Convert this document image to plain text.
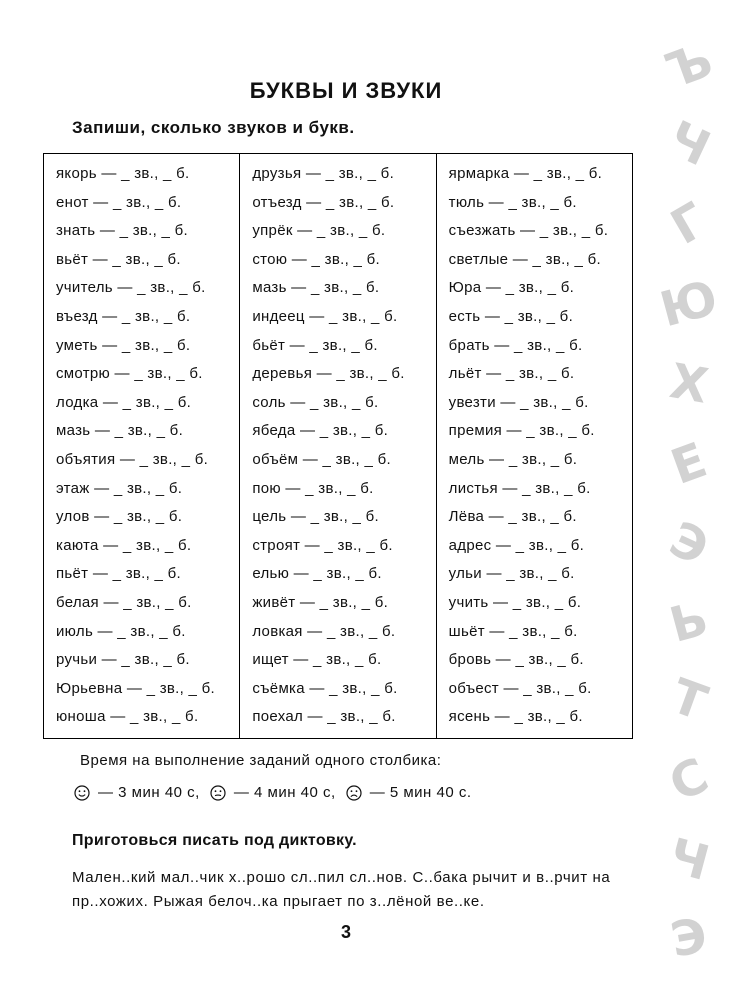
БУКВЫ И ЗВУКИ
Запиши, сколько звуков и букв.
якорь — _ зв., _ б.
енот — _ зв., _ б.
знать — _ зв., _ б.
вьёт — _ зв., _ б.
учитель — _ зв., _ б.
въезд — _ зв., _ б.
уметь — _ зв., _ б.
смотрю — _ зв., _ б.
лодка — _ зв., _ б.
мазь — _ зв., _ б.
объятия — _ зв., _ б.
этаж — _ зв., _ б.
улов — _ зв., _ б.
каюта — _ зв., _ б.
пьёт — _ зв., _ б.
белая — _ зв., _ б.
июль — _ зв., _ б.
ручьи — _ зв., _ б.
Юрьевна — _ зв., _ б.
юноша — _ зв., _ б.
друзья — _ зв., _ б.
отъезд — _ зв., _ б.
упрёк — _ зв., _ б.
стою — _ зв., _ б.
мазь — _ зв., _ б.
индеец — _ зв., _ б.
бьёт — _ зв., _ б.
деревья — _ зв., _ б.
соль — _ зв., _ б.
ябеда — _ зв., _ б.
объём — _ зв., _ б.
пою — _ зв., _ б.
цель — _ зв., _ б.
строят — _ зв., _ б.
елью — _ зв., _ б.
живёт — _ зв., _ б.
ловкая — _ зв., _ б.
ищет — _ зв., _ б.
съёмка — _ зв., _ б.
поехал — _ зв., _ б.
ярмарка — _ зв., _ б.
тюль — _ зв., _ б.
съезжать — _ зв., _ б.
светлые — _ зв., _ б.
Юра — _ зв., _ б.
есть — _ зв., _ б.
брать — _ зв., _ б.
льёт — _ зв., _ б.
увезти — _ зв., _ б.
премия — _ зв., _ б.
мель — _ зв., _ б.
листья — _ зв., _ б.
Лёва — _ зв., _ б.
адрес — _ зв., _ б.
ульи — _ зв., _ б.
учить — _ зв., _ б.
шьёт — _ зв., _ б.
бровь — _ зв., _ б.
объест — _ зв., _ б.
ясень — _ зв., _ б.
Время на выполнение заданий одного столбика:
— 3 мин 40 с, — 4 мин 40 с, — 5 мин 40 с.
Приготовься писать под диктовку.
Мален..кий мал..чик х..рошо сл..пил сл..нов. С..бака рычит и в..рчит на пр..хожих. Рыжая белоч..ка прыгает по з..лёной ве..ке.
3
Ъ
Ч
Г
Ю
Х
Е
Э
Ь
Т
С
Ч
Э
